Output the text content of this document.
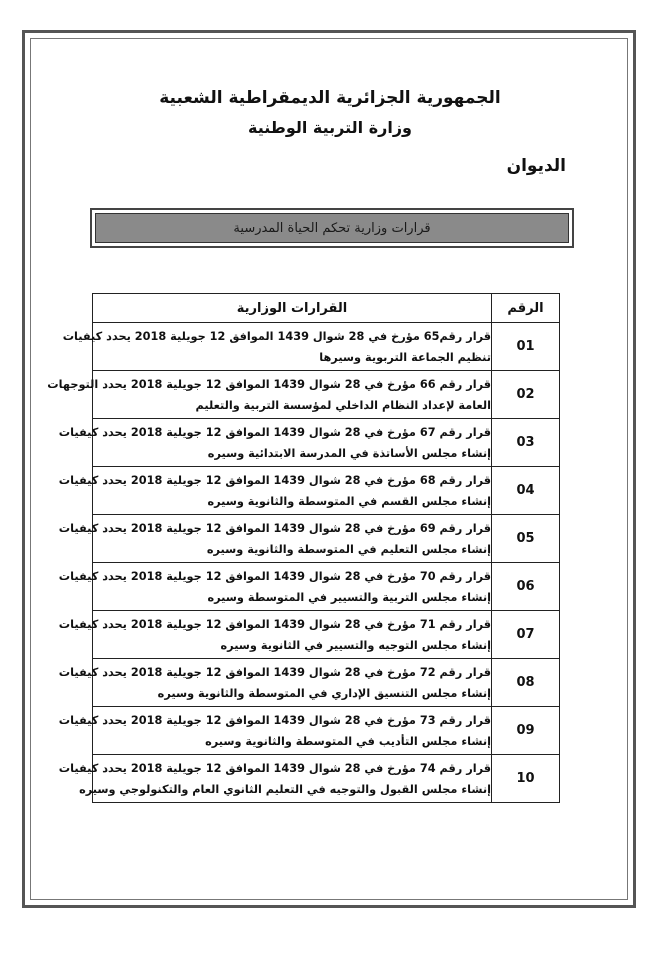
الجمهورية الجزائرية الديمقراطية الشعبية
وزارة التربية الوطنية
الديوان
قرارات وزارية تحكم الحياة المدرسية
الرقم	القرارات الوزارية
01	قرار رقم65 مؤرخ في 28 شوال 1439 الموافق 12 جويلية 2018 يحدد كيفيات
تنظيم الجماعة التربوية وسيرها

02	قرار رقم 66 مؤرخ في 28 شوال 1439 الموافق 12 جويلية 2018 يحدد التوجهات
العامة لإعداد النظام الداخلي لمؤسسة التربية والتعليم

03	قرار رقم 67 مؤرخ في 28 شوال 1439 الموافق 12 جويلية 2018 يحدد كيفيات
إنشاء مجلس الأساتذة في المدرسة الابتدائية وسيره

04	قرار رقم 68 مؤرخ في 28 شوال 1439 الموافق 12 جويلية 2018 يحدد كيفيات
إنشاء مجلس القسم في المتوسطة والثانوية وسيره

05	قرار رقم 69 مؤرخ في 28 شوال 1439 الموافق 12 جويلية 2018 يحدد كيفيات
إنشاء مجلس التعليم في المتوسطة والثانوية وسيره

06	قرار رقم 70 مؤرخ في 28 شوال 1439 الموافق 12 جويلية 2018 يحدد كيفيات
إنشاء مجلس التربية والتسيير في المتوسطة وسيره

07	قرار رقم 71 مؤرخ في 28 شوال 1439 الموافق 12 جويلية 2018 يحدد كيفيات
إنشاء مجلس التوجيه والتسيير في الثانوية وسيره

08	قرار رقم 72 مؤرخ في 28 شوال 1439 الموافق 12 جويلية 2018 يحدد كيفيات
إنشاء مجلس التنسيق الإداري في المتوسطة والثانوية وسيره

09	قرار رقم 73 مؤرخ في 28 شوال 1439 الموافق 12 جويلية 2018 يحدد كيفيات
إنشاء مجلس التأديب في المتوسطة والثانوية وسيره

10	قرار رقم 74 مؤرخ في 28 شوال 1439 الموافق 12 جويلية 2018 يحدد كيفيات
إنشاء مجلس القبول والتوجيه في التعليم الثانوي العام والتكنولوجي وسيره
